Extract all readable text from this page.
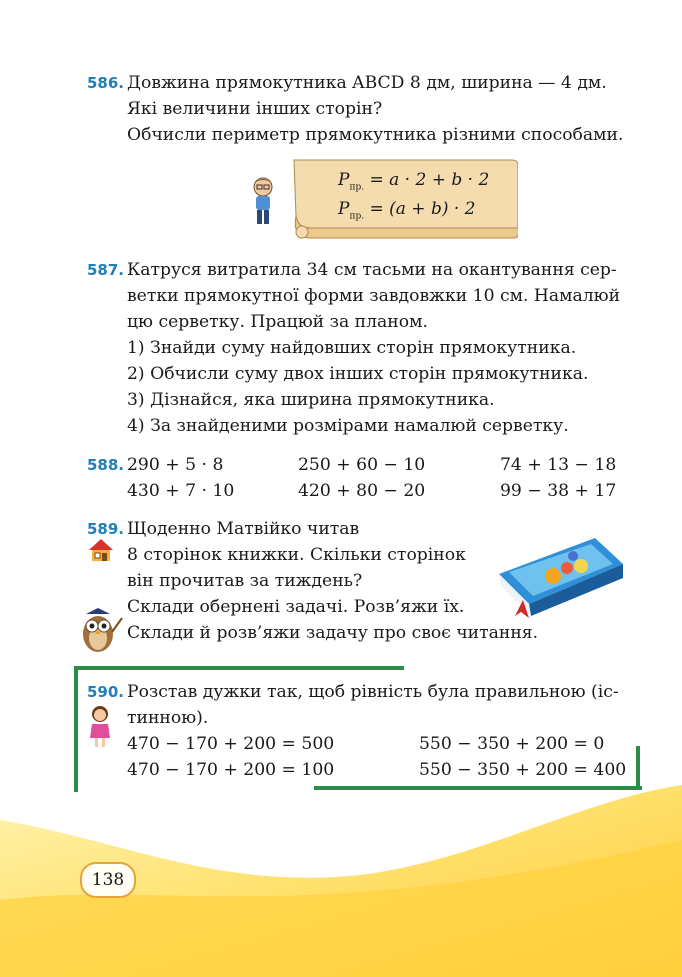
586. Довжина прямокутника ABCD 8 дм, ширина — 4 дм.
Які величини інших сторін?
Обчисли периметр прямокутника різними способами.
$P_{пр.} = a \cdot 2 + b \cdot 2$
$P_{пр.} = (a + b) \cdot 2$
587. Катруся витратила 34 см тасьми на окантування сер-
ветки прямокутної форми завдовжки 10 см. Намалюй
цю серветку. Працюй за планом.
1) Знайди суму найдовших сторін прямокутника.
2) Обчисли суму двох інших сторін прямокутника.
3) Дізнайся, яка ширина прямокутника.
4) За знайденими розмірами намалюй серветку.
588. 290 + 5 · 8	250 + 60 − 10	74 + 13 − 18
430 + 7 · 10	420 + 80 − 20	99 − 38 + 17
589. Щоденно Матвійко читав
8 сторінок книжки. Скільки сторінок
він прочитав за тиждень?
Склади обернені задачі. Розв’яжи їх.
Склади й розв’яжи задачу про своє читання.
590. Розстав дужки так, щоб рівність була правильною (іс-
тинною).
470 − 170 + 200 = 500	550 − 350 + 200 = 0
470 − 170 + 200 = 100	550 − 350 + 200 = 400
138
